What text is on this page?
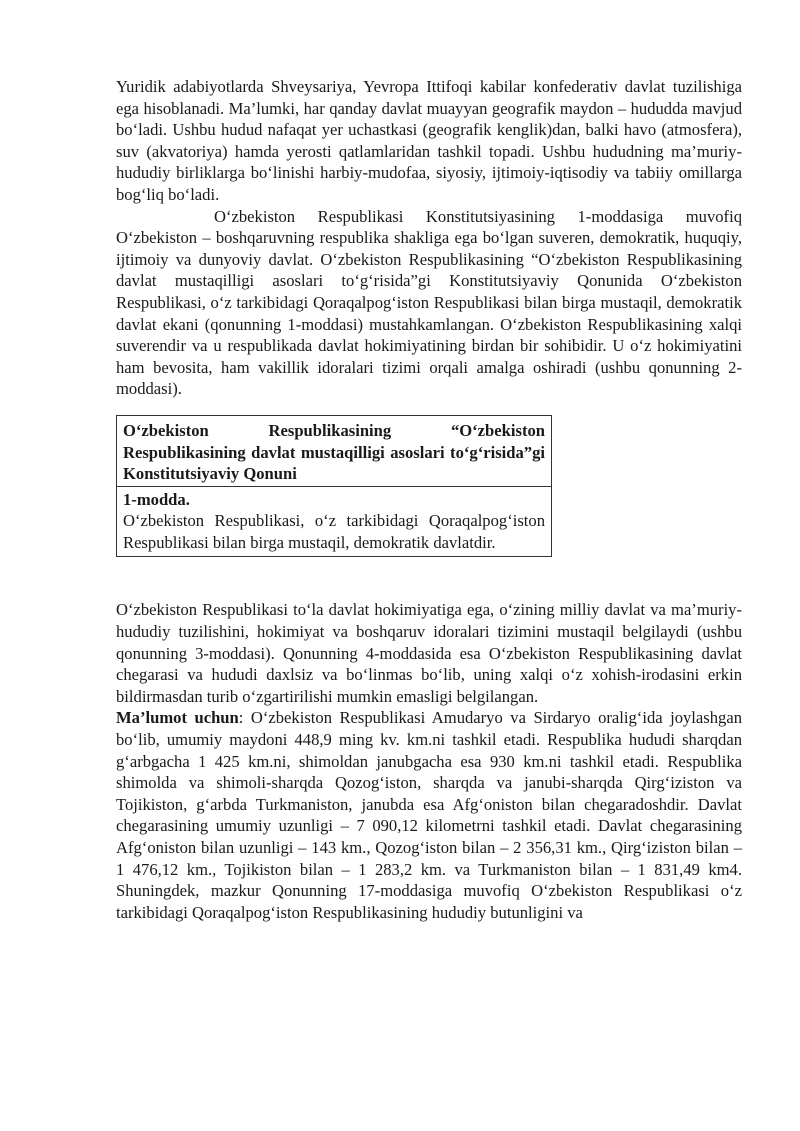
Yuridik adabiyotlarda Shveysariya, Yevropa Ittifoqi kabilar konfederativ davlat tuzilishiga ega hisoblanadi. Ma’lumki, har qanday davlat muayyan geografik maydon – hududda mavjud boʻladi. Ushbu hudud nafaqat yer uchastkasi (geografik kenglik)dan, balki havo (atmosfera), suv (akvatoriya) hamda yerosti qatlamlaridan tashkil topadi. Ushbu hududning ma’muriy-hududiy birliklarga boʻlinishi harbiy-mudofaa, siyosiy, ijtimoiy-iqtisodiy va tabiiy omillarga bogʻliq boʻladi.
Oʻzbekiston Respublikasi Konstitutsiyasining 1-moddasiga muvofiq Oʻzbekiston – boshqaruvning respublika shakliga ega boʻlgan suveren, demokratik, huquqiy, ijtimoiy va dunyoviy davlat. Oʻzbekiston Respublikasining “Oʻzbekiston Respublikasining davlat mustaqilligi asoslari toʻgʻrisida”gi Konstitutsiyaviy Qonunida Oʻzbekiston Respublikasi, oʻz tarkibidagi Qoraqalpogʻiston Respublikasi bilan birga mustaqil, demokratik davlat ekani (qonunning 1-moddasi) mustahkamlangan. Oʻzbekiston Respublikasining xalqi suverendir va u respublikada davlat hokimiyatining birdan bir sohibidir. U oʻz hokimiyatini ham bevosita, ham vakillik idoralari tizimi orqali amalga oshiradi (ushbu qonunning 2-moddasi).

Oʻzbekiston Respublikasining “Oʻzbekiston Respublikasining davlat mustaqilligi asoslari toʻgʻrisida”gi Konstitutsiyaviy Qonuni
1-modda.
Oʻzbekiston Respublikasi, oʻz tarkibidagi Qoraqalpogʻiston Respublikasi bilan birga mustaqil, demokratik davlatdir.

Oʻzbekiston Respublikasi toʻla davlat hokimiyatiga ega, oʻzining milliy davlat va ma’muriy-hududiy tuzilishini, hokimiyat va boshqaruv idoralari tizimini mustaqil belgilaydi (ushbu qonunning 3-moddasi). Qonunning 4-moddasida esa Oʻzbekiston Respublikasining davlat chegarasi va hududi daxlsiz va boʻlinmas boʻlib, uning xalqi oʻz xohish-irodasini erkin bildirmasdan turib oʻzgartirilishi mumkin emasligi belgilangan.

Ma’lumot uchun: Oʻzbekiston Respublikasi Amudaryo va Sirdaryo oraligʻida joylashgan boʻlib, umumiy maydoni 448,9 ming kv. km.ni tashkil etadi. Respublika hududi sharqdan gʻarbgacha 1 425 km.ni, shimoldan janubgacha esa 930 km.ni tashkil etadi. Respublika shimolda va shimoli-sharqda Qozogʻiston, sharqda va janubi-sharqda Qirgʻiziston va Tojikiston, gʻarbda Turkmaniston, janubda esa Afgʻoniston bilan chegaradoshdir. Davlat chegarasining umumiy uzunligi – 7 090,12 kilometrni tashkil etadi. Davlat chegarasining Afgʻoniston bilan uzunligi – 143 km., Qozogʻiston bilan – 2 356,31 km., Qirgʻiziston bilan – 1 476,12 km., Tojikiston bilan – 1 283,2 km. va Turkmaniston bilan – 1 831,49 km4. Shuningdek, mazkur Qonunning 17-moddasiga muvofiq Oʻzbekiston Respublikasi oʻz tarkibidagi Qoraqalpogʻiston Respublikasining hududiy butunligini va
